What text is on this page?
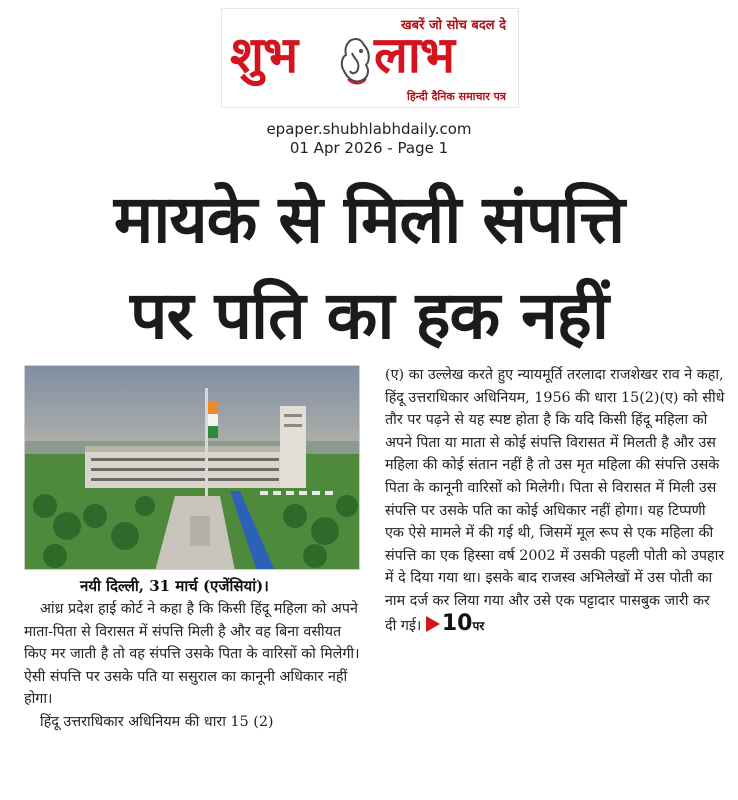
खबरें जो सोच बदल दे
शुभ लाभ
हिन्दी दैनिक समाचार पत्र
epaper.shubhlabhdaily.com
01 Apr 2026 - Page 1
मायके से मिली संपत्ति
पर पति का हक नहीं
नयी दिल्ली, 31 मार्च (एजेंसियां)।

आंध्र प्रदेश हाई कोर्ट ने कहा है कि किसी हिंदू महिला को अपने माता-पिता से विरासत में संपत्ति मिली है और वह बिना वसीयत किए मर जाती है तो वह संपत्ति उसके पिता के वारिसों को मिलेगी। ऐसी संपत्ति पर उसके पति या ससुराल का कानूनी अधिकार नहीं होगा।

हिंदू उत्तराधिकार अधिनियम की धारा 15 (2)

(ए) का उल्लेख करते हुए न्यायमूर्ति तरलादा राजशेखर राव ने कहा, हिंदू उत्तराधिकार अधिनियम, 1956 की धारा 15(2)(ए) को सीधे तौर पर पढ़ने से यह स्पष्ट होता है कि यदि किसी हिंदू महिला को अपने पिता या माता से कोई संपत्ति विरासत में मिलती है और उस महिला की कोई संतान नहीं है तो उस मृत महिला की संपत्ति उसके पिता के कानूनी वारिसों को मिलेगी। पिता से विरासत में मिली उस संपत्ति पर उसके पति का कोई अधिकार नहीं होगा। यह टिप्पणी एक ऐसे मामले में की गई थी, जिसमें मूल रूप से एक महिला की संपत्ति का एक हिस्सा वर्ष 2002 में उसकी पहली पोती को उपहार में दे दिया गया था। इसके बाद राजस्व अभिलेखों में उस पोती का नाम दर्ज कर लिया गया और उसे एक पट्टादार पासबुक जारी कर दी गई। 10पर
